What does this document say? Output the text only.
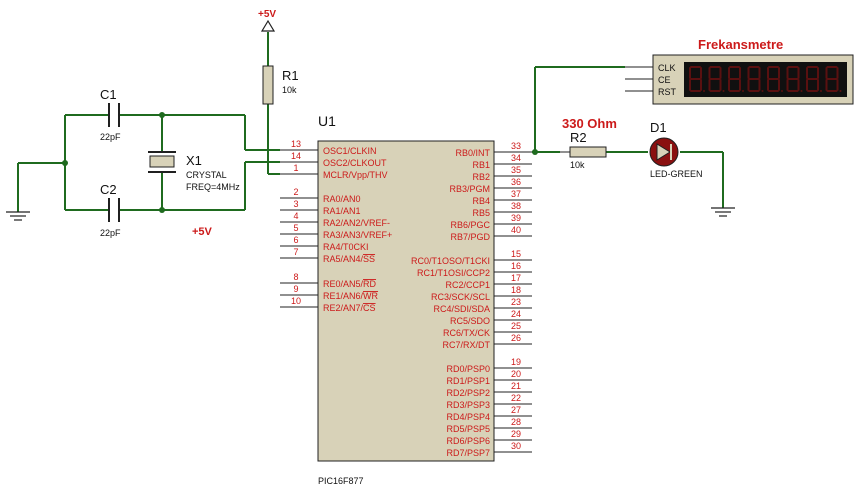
+5V
+5V
C1
22pF
C2
22pF
X1
CRYSTAL
FREQ=4MHz
R1
10k
U1
PIC16F877
13
OSC1/CLKIN
14
OSC2/CLKOUT
1
MCLR/Vpp/THV
2
RA0/AN0
3
RA1/AN1
4
RA2/AN2/VREF-
5
RA3/AN3/VREF+
6
RA4/T0CKI
7
RA5/AN4/SS
8
RE0/AN5/RD
9
RE1/AN6/WR
10
RE2/AN7/CS
33
RB0/INT 34
RB1 35
RB2 36
RB3/PGM 37
RB4 38
RB5 39
RB6/PGC 40
RB7/PGD
15
RC0/T1OSO/T1CKI 16
RC1/T1OSI/CCP2 17
RC2/CCP1 18
RC3/SCK/SCL 23
RC4/SDI/SDA 24
RC5/SDO 25
RC6/TX/CK 26
RC7/RX/DT
19
RD0/PSP0 20
RD1/PSP1 21
RD2/PSP2 22
RD3/PSP3 27
RD4/PSP4 28
RD5/PSP5 29
RD6/PSP6 30
RD7/PSP7
330 Ohm
R2
10k
D1
LED-GREEN
Frekansmetre
CLK
CE
RST
